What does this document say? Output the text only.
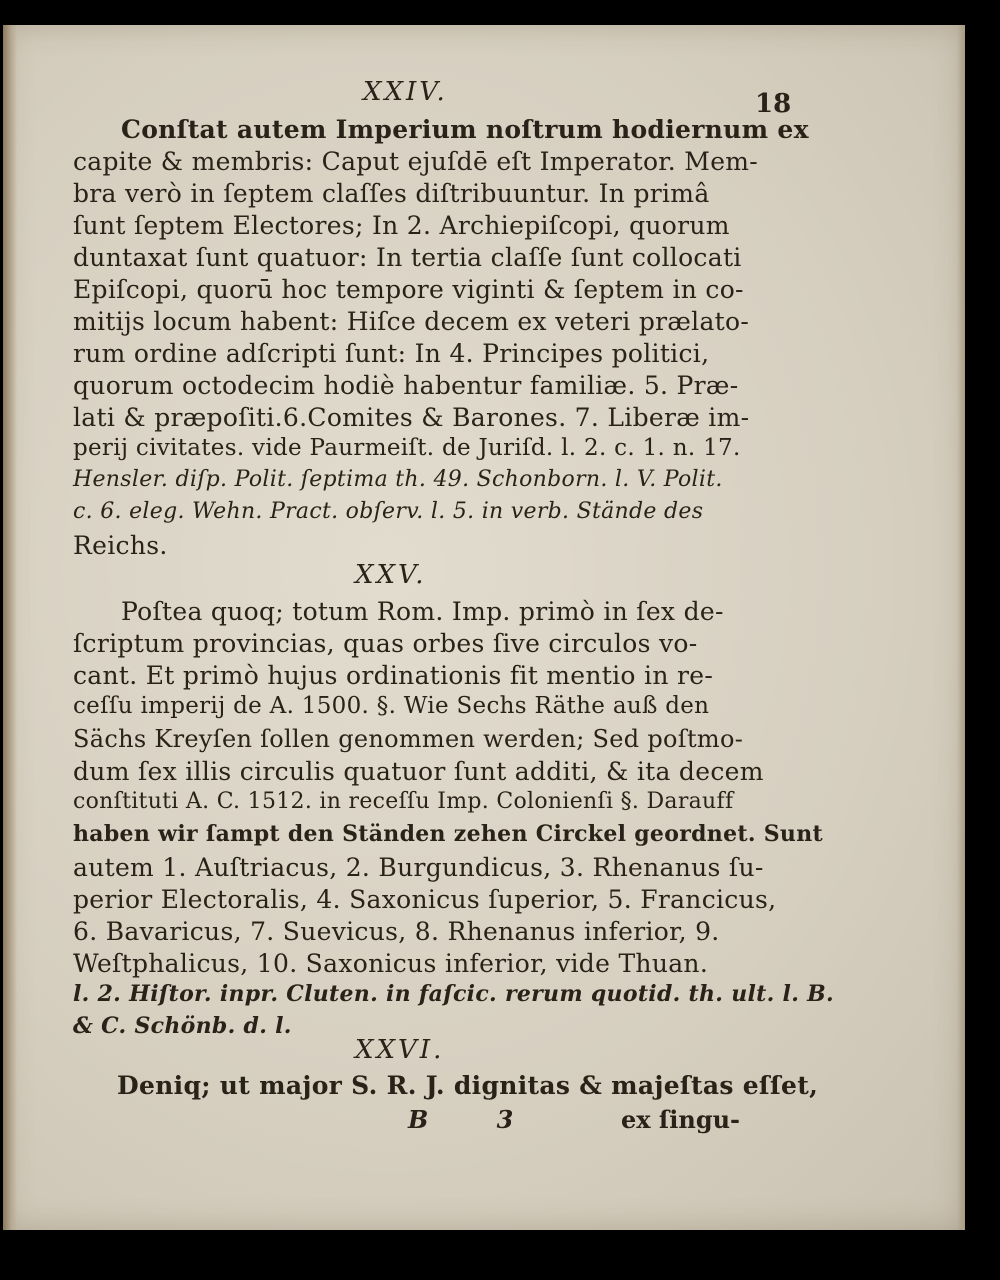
18
XXIV.
Conſtat autem Imperium noſtrum hodiernum ex
capite & membris: Caput ejuſdē eſt Imperator. Mem-
bra verò in ſeptem claſſes diſtribuuntur. In primâ
ſunt ſeptem Electores; In 2. Archiepiſcopi, quorum
duntaxat ſunt quatuor: In tertia claſſe ſunt collocati
Epiſcopi, quorū hoc tempore viginti & ſeptem in co-
mitijs locum habent: Hiſce decem ex veteri prælato-
rum ordine adſcripti ſunt: In 4. Principes politici,
quorum octodecim hodiè habentur familiæ. 5. Præ-
lati & præpoſiti.6.Comites & Barones. 7. Liberæ im-
perij civitates. vide Paurmeiſt. de Juriſd. l. 2. c. 1. n. 17.
Hensler. diſp. Polit. ſeptima th. 49. Schonborn. l. V. Polit.
c. 6. eleg. Wehn. Pract. obſerv. l. 5. in verb. Stände des
Reichs.
XXV.
Poſtea quoq; totum Rom. Imp. primò in ſex de-
ſcriptum provincias, quas orbes ſive circulos vo-
cant. Et primò hujus ordinationis fit mentio in re-
ceſſu imperij de A. 1500. §. Wie Sechs Räthe auß den
Sächs Kreyſen ſollen genommen werden; Sed poſtmo-
dum ſex illis circulis quatuor ſunt additi, & ita decem
conſtituti A. C. 1512. in receſſu Imp. Colonienſi §. Darauff
haben wir ſampt den Ständen zehen Circkel geordnet. Sunt
autem 1. Auſtriacus, 2. Burgundicus, 3. Rhenanus ſu-
perior Electoralis, 4. Saxonicus ſuperior, 5. Francicus,
6. Bavaricus, 7. Suevicus, 8. Rhenanus inferior, 9.
Weſtphalicus, 10. Saxonicus inferior, vide Thuan.
l. 2. Hiſtor. inpr. Cluten. in faſcic. rerum quotid. th. ult. l. B.
& C. Schönb. d. l.
XXVI.
Deniq; ut major S. R. J. dignitas & majeſtas eſſet,
B 3	ex ſingu-
